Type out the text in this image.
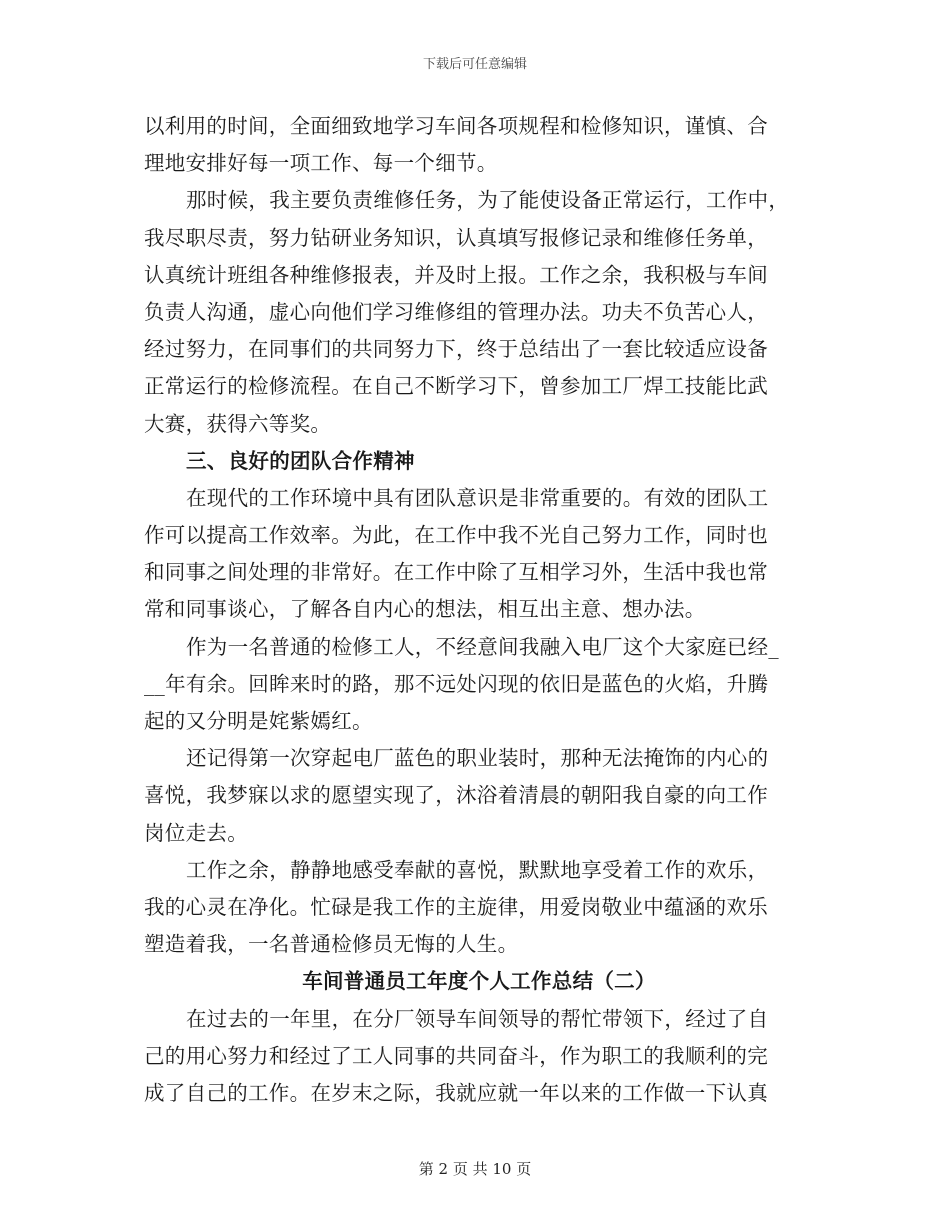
下载后可任意编辑
以利用的时间，全面细致地学习车间各项规程和检修知识，谨慎、合
理地安排好每一项工作、每一个细节。
那时候，我主要负责维修任务，为了能使设备正常运行，工作中，
我尽职尽责，努力钻研业务知识，认真填写报修记录和维修任务单，
认真统计班组各种维修报表，并及时上报。工作之余，我积极与车间
负责人沟通，虚心向他们学习维修组的管理办法。功夫不负苦心人，
经过努力，在同事们的共同努力下，终于总结出了一套比较适应设备
正常运行的检修流程。在自己不断学习下，曾参加工厂焊工技能比武
大赛，获得六等奖。
三、良好的团队合作精神
在现代的工作环境中具有团队意识是非常重要的。有效的团队工
作可以提高工作效率。为此，在工作中我不光自己努力工作，同时也
和同事之间处理的非常好。在工作中除了互相学习外，生活中我也常
常和同事谈心，了解各自内心的想法，相互出主意、想办法。
作为一名普通的检修工人，不经意间我融入电厂这个大家庭已经_
__年有余。回眸来时的路，那不远处闪现的依旧是蓝色的火焰，升腾
起的又分明是姹紫嫣红。
还记得第一次穿起电厂蓝色的职业装时，那种无法掩饰的内心的
喜悦，我梦寐以求的愿望实现了，沐浴着清晨的朝阳我自豪的向工作
岗位走去。
工作之余，静静地感受奉献的喜悦，默默地享受着工作的欢乐，
我的心灵在净化。忙碌是我工作的主旋律，用爱岗敬业中蕴涵的欢乐
塑造着我，一名普通检修员无悔的人生。
车间普通员工年度个人工作总结（二）
在过去的一年里，在分厂领导车间领导的帮忙带领下，经过了自
己的用心努力和经过了工人同事的共同奋斗，作为职工的我顺利的完
成了自己的工作。在岁末之际，我就应就一年以来的工作做一下认真
第 2 页 共 10 页
